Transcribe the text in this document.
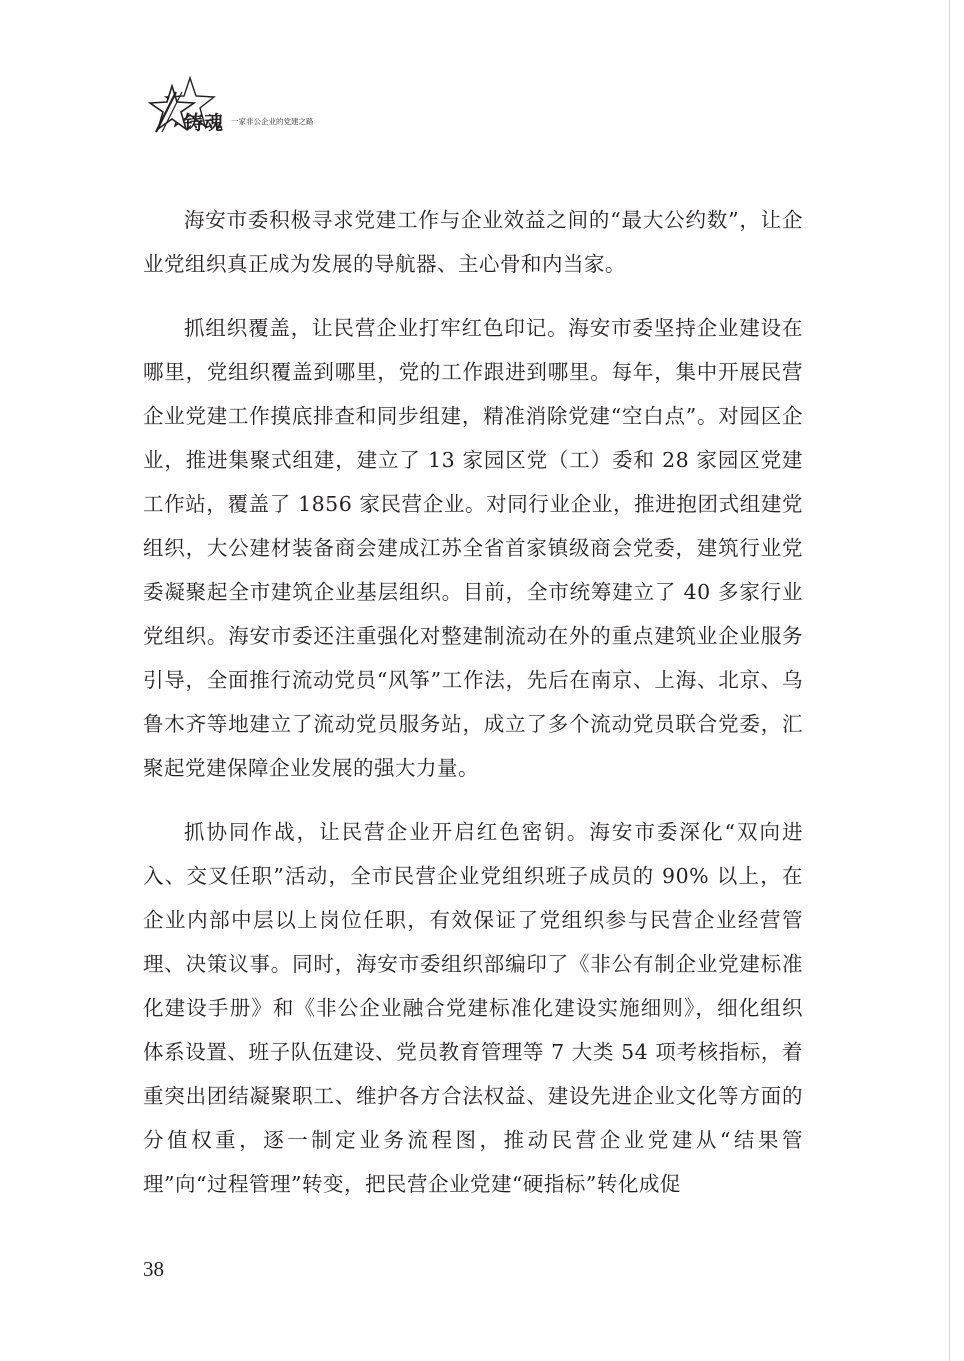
铸魂 一家非公企业的党建之路

海安市委积极寻求党建工作与企业效益之间的“最大公约数”，让企业党组织真正成为发展的导航器、主心骨和内当家。

抓组织覆盖，让民营企业打牢红色印记。海安市委坚持企业建设在哪里，党组织覆盖到哪里，党的工作跟进到哪里。每年，集中开展民营企业党建工作摸底排查和同步组建，精准消除党建“空白点”。对园区企业，推进集聚式组建，建立了 13 家园区党（工）委和 28 家园区党建工作站，覆盖了 1856 家民营企业。对同行业企业，推进抱团式组建党组织，大公建材装备商会建成江苏全省首家镇级商会党委，建筑行业党委凝聚起全市建筑企业基层组织。目前，全市统筹建立了 40 多家行业党组织。海安市委还注重强化对整建制流动在外的重点建筑业企业服务引导，全面推行流动党员“风筝”工作法，先后在南京、上海、北京、乌鲁木齐等地建立了流动党员服务站，成立了多个流动党员联合党委，汇聚起党建保障企业发展的强大力量。

抓协同作战，让民营企业开启红色密钥。海安市委深化“双向进入、交叉任职”活动，全市民营企业党组织班子成员的 90% 以上，在企业内部中层以上岗位任职，有效保证了党组织参与民营企业经营管理、决策议事。同时，海安市委组织部编印了《非公有制企业党建标准化建设手册》和《非公企业融合党建标准化建设实施细则》，细化组织体系设置、班子队伍建设、党员教育管理等 7 大类 54 项考核指标，着重突出团结凝聚职工、维护各方合法权益、建设先进企业文化等方面的分值权重，逐一制定业务流程图，推动民营企业党建从“结果管理”向“过程管理”转变，把民营企业党建“硬指标”转化成促

38
